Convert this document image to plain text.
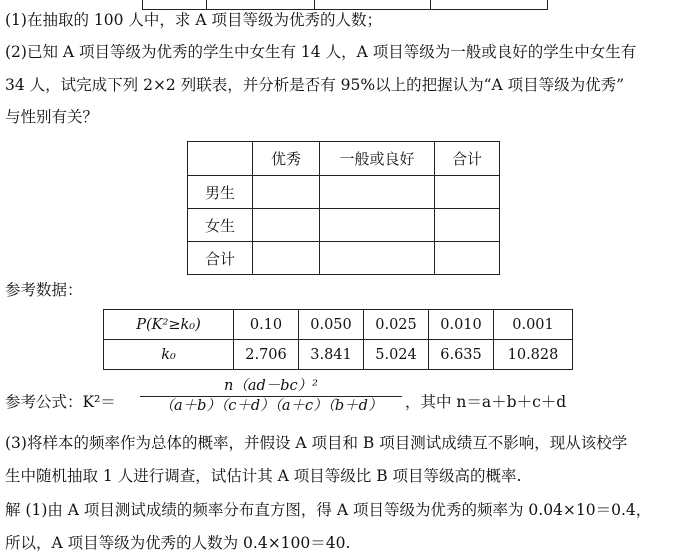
(1)在抽取的 100 人中，求 A 项目等级为优秀的人数；
(2)已知 A 项目等级为优秀的学生中女生有 14 人，A 项目等级为一般或良好的学生中女生有
34 人，试完成下列 2×2 列联表，并分析是否有 95%以上的把握认为“A 项目等级为优秀”
与性别有关？
	优秀	一般或良好	合计
男生			
女生			
合计			
参考数据：
P(K²≥k₀)	0.10	0.050	0.025	0.010	0.001
k₀	2.706	3.841	5.024	6.635	10.828
参考公式：K²＝
n（ad－bc）²
（a＋b）（c＋d）（a＋c）（b＋d）	，其中 n＝a＋b＋c＋d
(3)将样本的频率作为总体的概率，并假设 A 项目和 B 项目测试成绩互不影响，现从该校学
生中随机抽取 1 人进行调查，试估计其 A 项目等级比 B 项目等级高的概率.
解 (1)由 A 项目测试成绩的频率分布直方图，得 A 项目等级为优秀的频率为 0.04×10＝0.4，
所以，A 项目等级为优秀的人数为 0.4×100＝40.
